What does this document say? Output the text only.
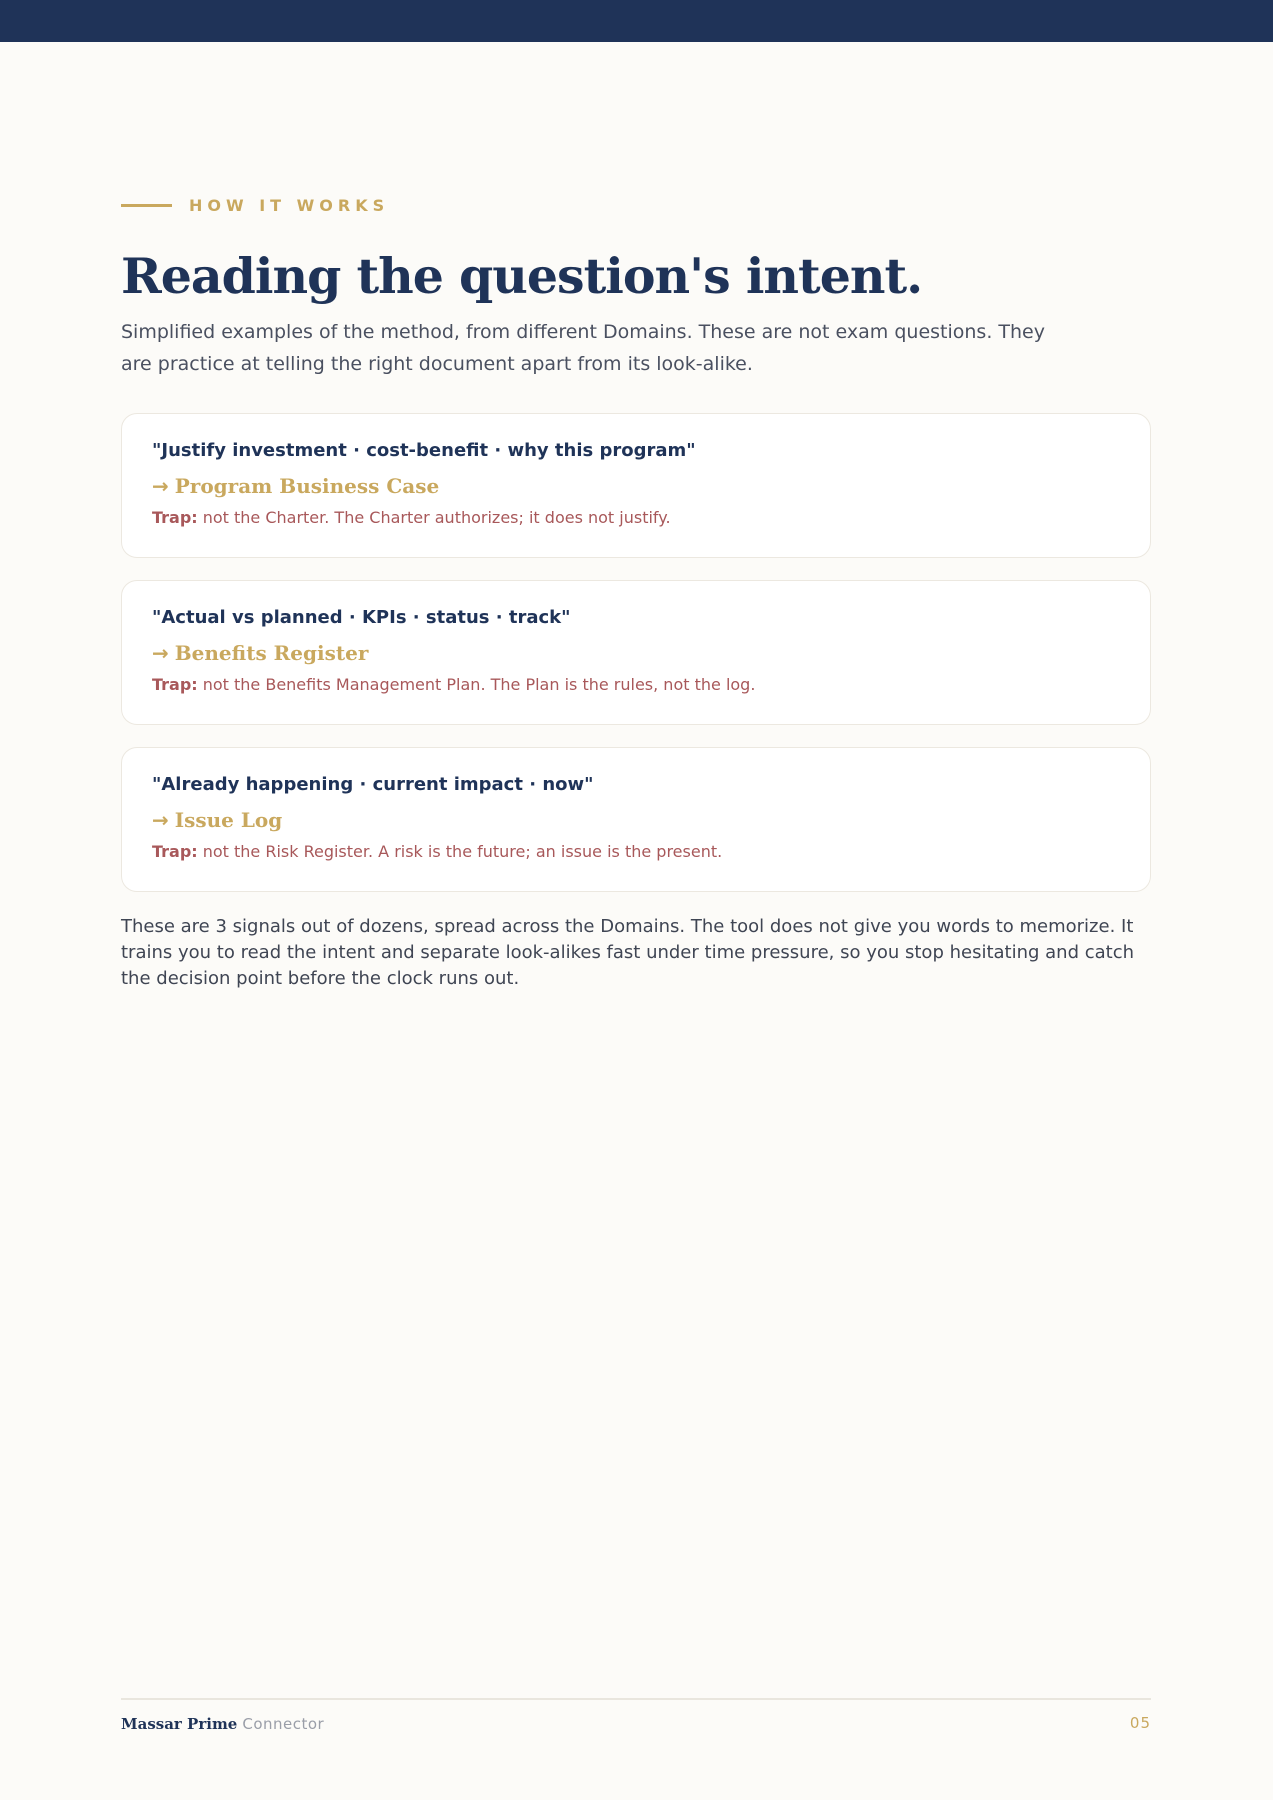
HOW IT WORKS
Reading the question's intent.

Simplified examples of the method, from different Domains. These are not exam questions. They are practice at telling the right document apart from its look-alike.

"Justify investment · cost-benefit · why this program"
→ Program Business Case
Trap: not the Charter. The Charter authorizes; it does not justify.
"Actual vs planned · KPIs · status · track"
→ Benefits Register
Trap: not the Benefits Management Plan. The Plan is the rules, not the log.
"Already happening · current impact · now"
→ Issue Log
Trap: not the Risk Register. A risk is the future; an issue is the present.

These are 3 signals out of dozens, spread across the Domains. The tool does not give you words to memorize. It trains you to read the intent and separate look-alikes fast under time pressure, so you stop hesitating and catch the decision point before the clock runs out.

Massar Prime Connector	05
